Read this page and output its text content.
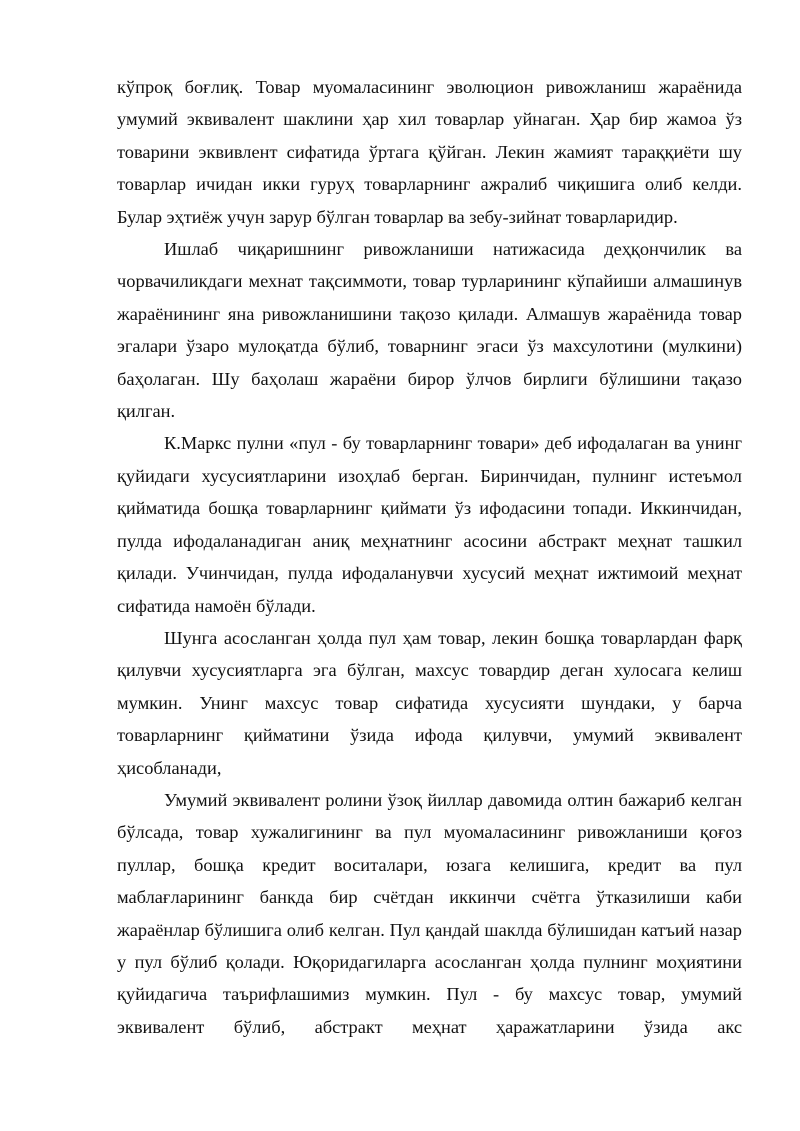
кўпроқ боғлиқ. Товар муомаласининг эволюцион ривожланиш жараёнида умумий эквивалент шаклини ҳар хил товарлар уйнаган. Ҳар бир жамоа ўз товарини эквивлент сифатида ўртага қўйган. Лекин жамият тараққиёти шу товарлар ичидан икки гуруҳ товарларнинг ажралиб чиқишига олиб келди. Булар эҳтиёж учун зарур бўлган товарлар ва зебу-зийнат товарларидир.

Ишлаб чиқаришнинг ривожланиши натижасида деҳқончилик ва чорвачиликдаги мехнат тақсиммоти, товар турларининг кўпайиши алмашинув жараёнининг яна ривожланишини тақозо қилади. Алмашув жараёнида товар эгалари ўзаро мулоқатда бўлиб, товарнинг эгаси ўз махсулотини (мулкини) баҳолаган. Шу баҳолаш жараёни бирор ўлчов бирлиги бўлишини тақазо қилган.

К.Маркс пулни «пул - бу товарларнинг товари» деб ифодалаган ва унинг қуйидаги хусусиятларини изоҳлаб берган. Биринчидан, пулнинг истеъмол қийматида бошқа товарларнинг қиймати ўз ифодасини топади. Иккинчидан, пулда ифодаланадиган аниқ меҳнатнинг асосини абстракт меҳнат ташкил қилади. Учинчидан, пулда ифодаланувчи хусусий меҳнат ижтимоий меҳнат сифатида намоён бўлади.

Шунга асосланган ҳолда пул ҳам товар, лекин бошқа товарлардан фарқ қилувчи хусусиятларга эга бўлган, махсус товардир деган хулосага келиш мумкин. Унинг махсус товар сифатида хусусияти шундаки, у барча товарларнинг қийматини ўзида ифода қилувчи, умумий эквивалент ҳисобланади,

Умумий эквивалент ролини ўзоқ йиллар давомида олтин бажариб келган бўлсада, товар хужалигининг ва пул муомаласининг ривожланиши қоғоз пуллар, бошқа кредит воситалари, юзага келишига, кредит ва пул маблағларининг банкда бир счётдан иккинчи счётга ўтказилиши каби жараёнлар бўлишига олиб келган. Пул қандай шаклда бўлишидан катъий назар у пул бўлиб қолади. Юқоридагиларга асосланган ҳолда пулнинг моҳиятини қуйидагича таърифлашимиз мумкин. Пул - бу махсус товар, умумий эквивалент бўлиб, абстракт меҳнат ҳаражатларини ўзида акс
